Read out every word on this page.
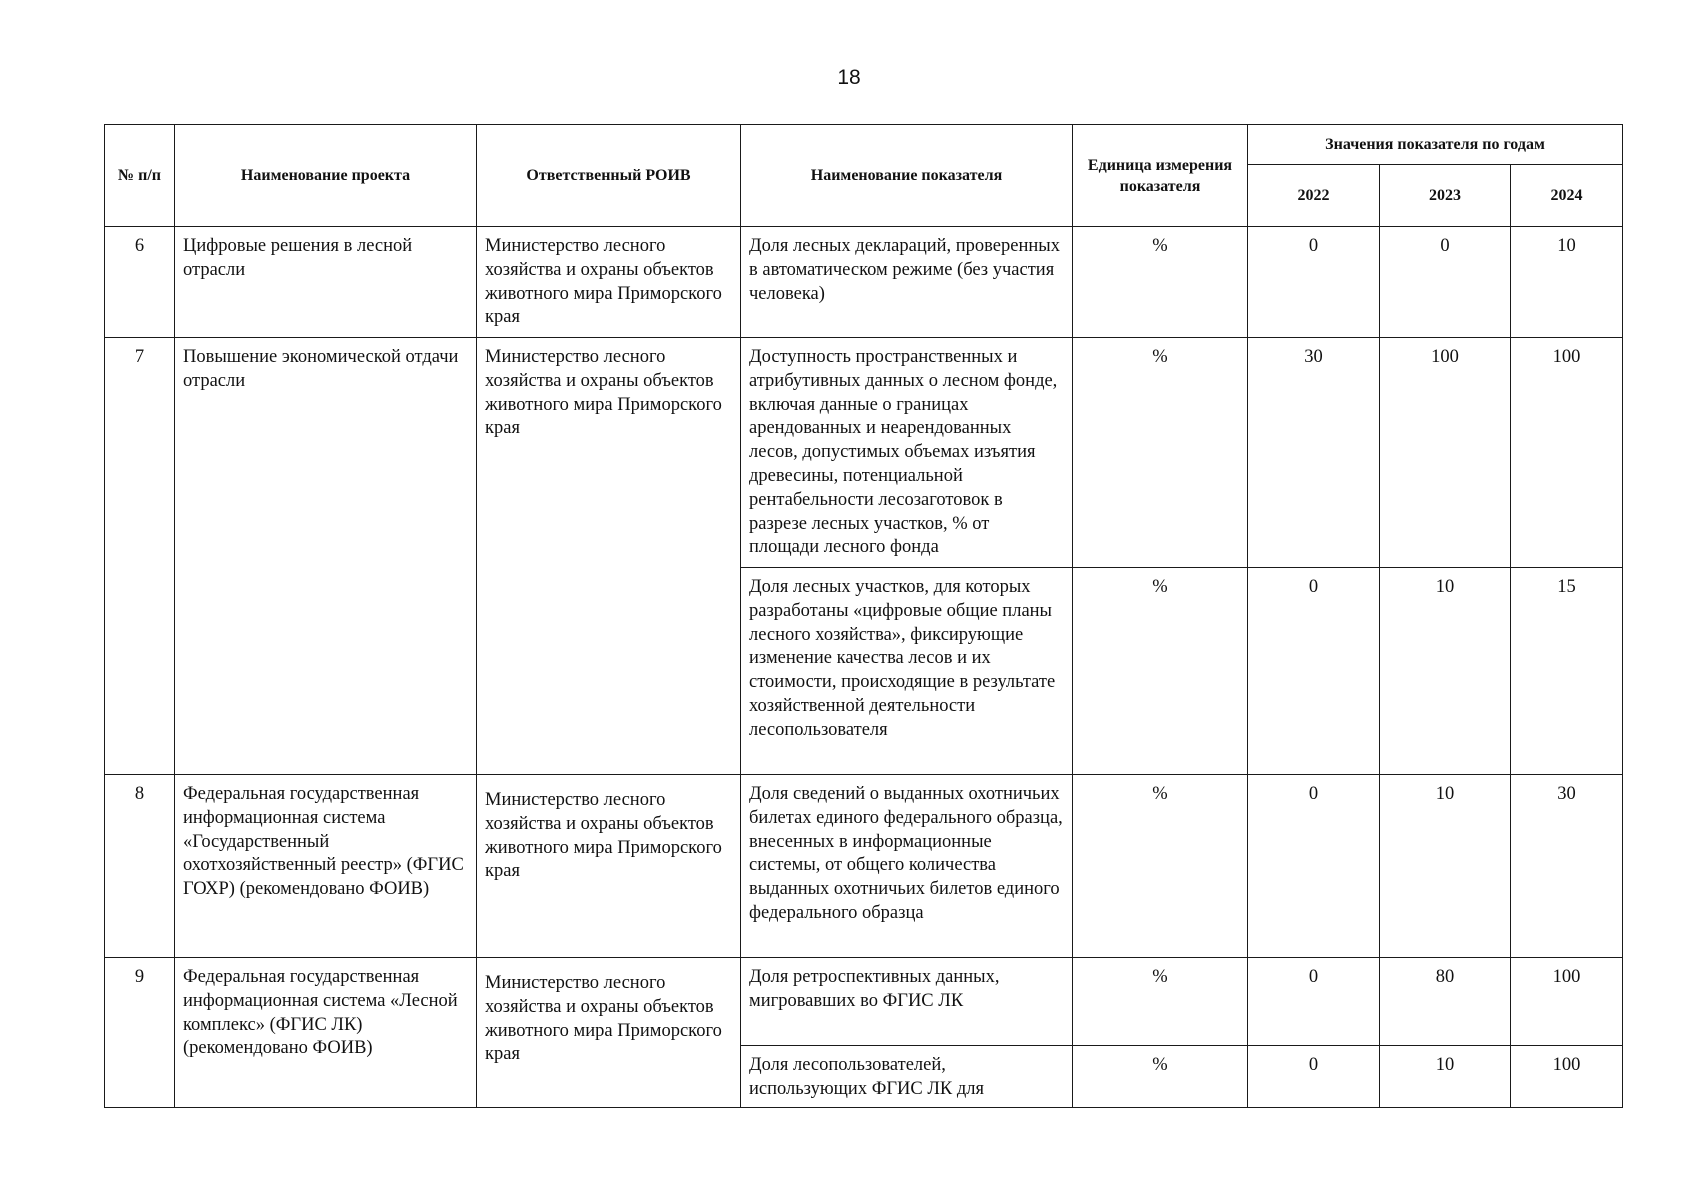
18
№ п/п	Наименование проекта	Ответственный РОИВ	Наименование показателя	Единица измерения показателя	Значения показателя по годам		
					2022	2023	2024
6	Цифровые решения в лесной отрасли	Министерство лесного хозяйства и охраны объектов животного мира Приморского края	Доля лесных деклараций, проверенных в автоматическом режиме (без участия человека)	%	0	0	10
7	Повышение экономической отдачи отрасли	Министерство лесного хозяйства и охраны объектов животного мира Приморского края	Доступность пространственных и атрибутивных данных о лесном фонде, включая данные о границах арендованных и неарендованных лесов, допустимых объемах изъятия древесины, потенциальной рентабельности лесозаготовок в разрезе лесных участков, % от площади лесного фонда	%	30	100	100
			Доля лесных участков, для которых разработаны «цифровые общие планы лесного хозяйства», фиксирующие изменение качества лесов и их стоимости, происходящие в результате хозяйственной деятельности лесопользователя	%	0	10	15
8	Федеральная государственная информационная система «Государственный охотхозяйственный реестр» (ФГИС ГОХР) (рекомендовано ФОИВ)	Министерство лесного хозяйства и охраны объектов животного мира Приморского края	Доля сведений о выданных охотничьих билетах единого федерального образца, внесенных в информационные системы, от общего количества выданных охотничьих билетов единого федерального образца	%	0	10	30
9	Федеральная государственная информационная система «Лесной комплекс» (ФГИС ЛК) (рекомендовано ФОИВ)	Министерство лесного хозяйства и охраны объектов животного мира Приморского края	Доля ретроспективных данных, мигровавших во ФГИС ЛК	%	0	80	100
			Доля лесопользователей, использующих ФГИС ЛК для	%	0	10	100
